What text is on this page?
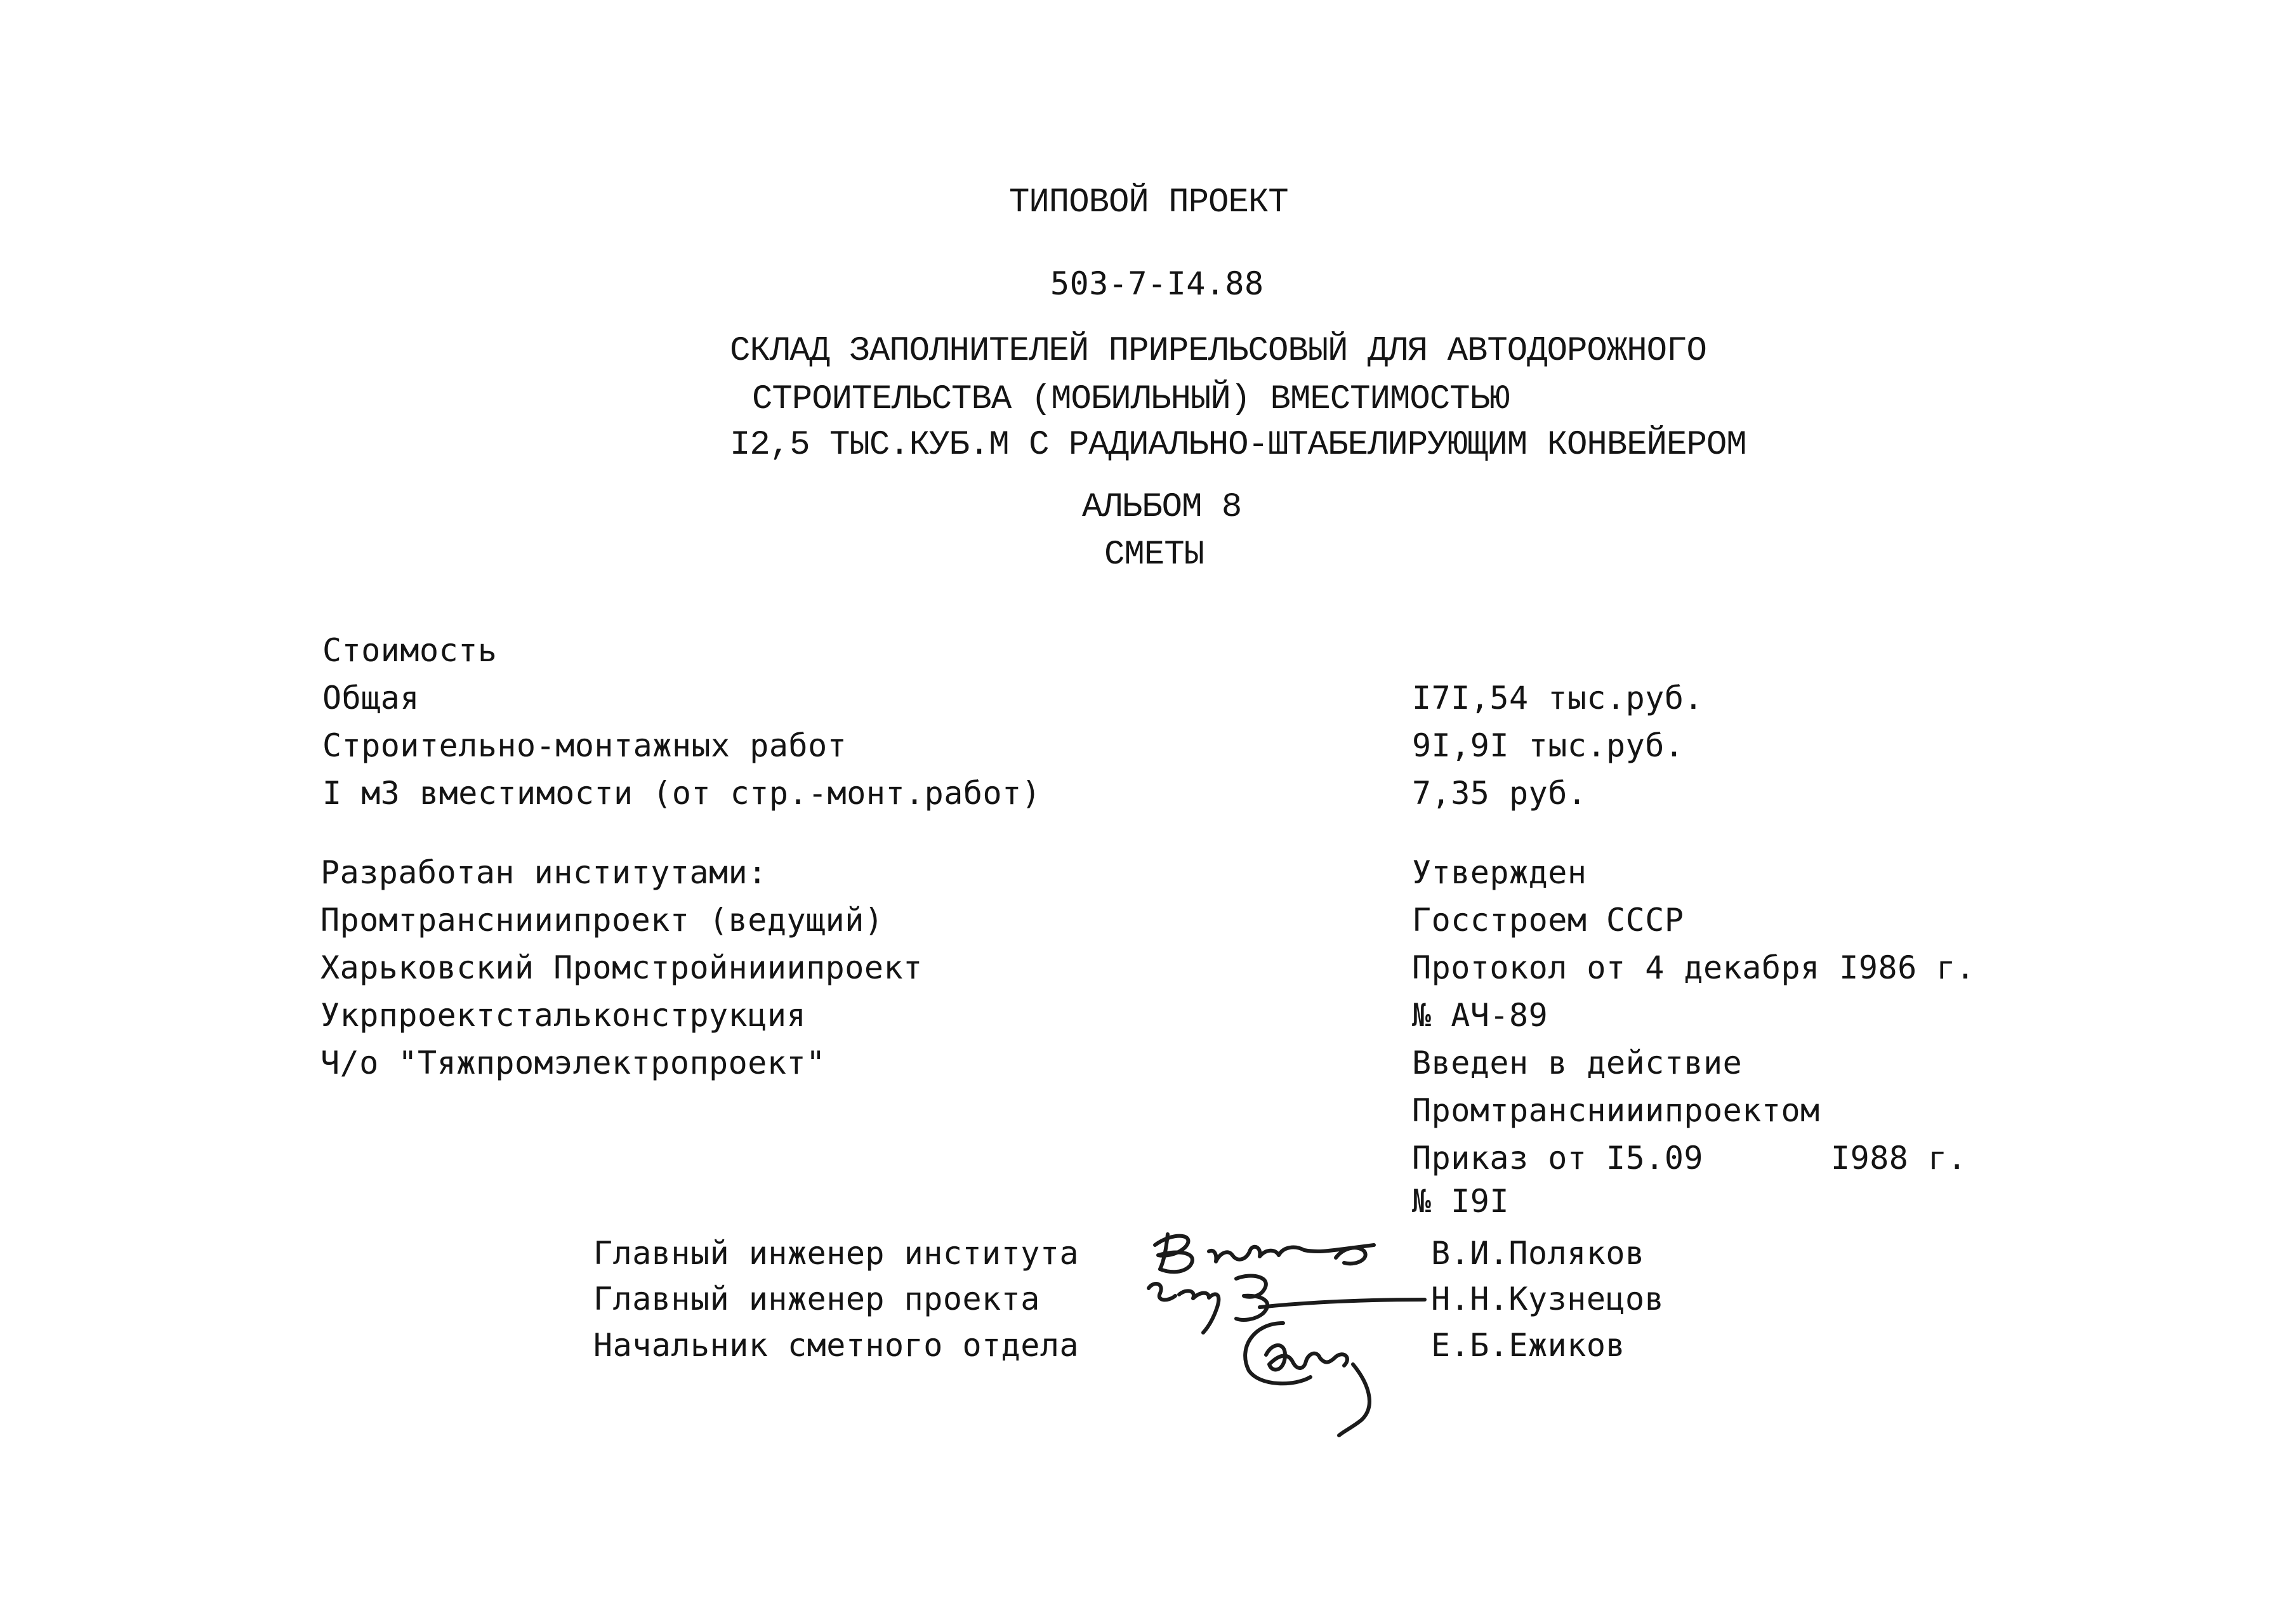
ТИПОВОЙ ПРОЕКТ
503-7-I4.88
СКЛАД ЗАПОЛНИТЕЛЕЙ ПРИРЕЛЬСОВЫЙ ДЛЯ АВТОДОРОЖНОГО
СТРОИТЕЛЬСТВА (МОБИЛЬНЫЙ) ВМЕСТИМОСТЬЮ
I2,5 ТЫС.КУБ.М С РАДИАЛЬНО-ШТАБЕЛИРУЮЩИМ КОНВЕЙЕРОМ
АЛЬБОМ 8
СМЕТЫ
Стоимость
Общая	I7I,54 тыс.руб.
Строительно-монтажных работ	9I,9I тыс.руб.
I м3 вместимости (от стр.-монт.работ)	7,35 руб.
Разработан институтами:
Промтранснииипроект (ведущий)
Харьковский Промстройнииипроект
Укрпроектстальконструкция
Ч/о "Тяжпромэлектропроект"
Утвержден
Госстроем СССР
Протокол от 4 декабря I986 г.
№ АЧ-89
Введен в действие
Промтранснииипроектом
Приказ от I5.09	I988 г.
№ I9I
Главный инженер института	В.И.Поляков
Главный инженер проекта	Н.Н.Кузнецов
Начальник сметного отдела	Е.Б.Ежиков
